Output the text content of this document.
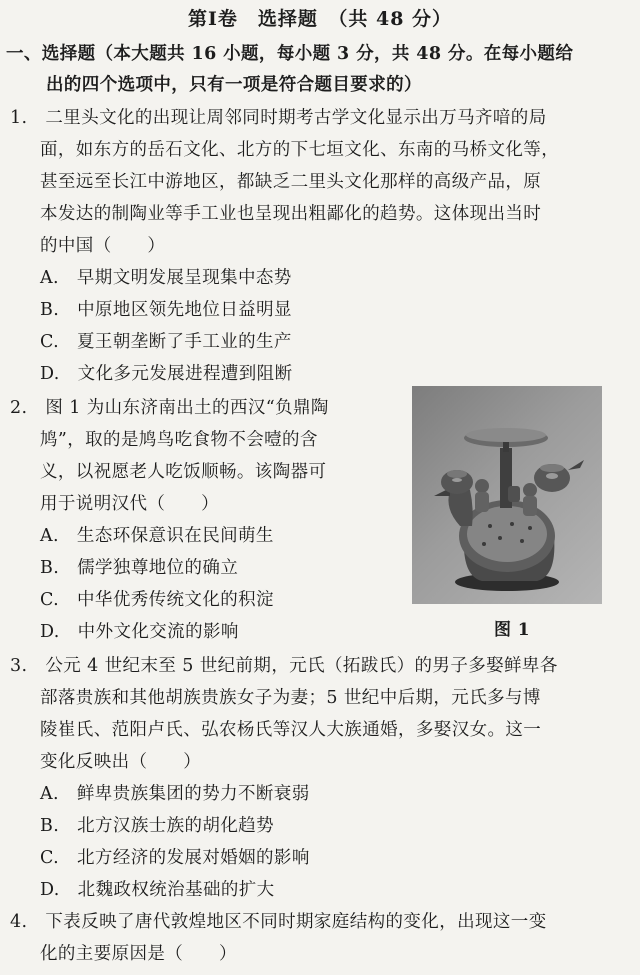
第Ⅰ卷　选择题　（共 48 分）
一、选择题（本大题共 16 小题，每小题 3 分，共 48 分。在每小题给
出的四个选项中，只有一项是符合题目要求的）
1.　二里头文化的出现让周邻同时期考古学文化显示出万马齐喑的局
面，如东方的岳石文化、北方的下七垣文化、东南的马桥文化等，
甚至远至长江中游地区，都缺乏二里头文化那样的高级产品，原
本发达的制陶业等手工业也呈现出粗鄙化的趋势。这体现出当时
的中国（　　）
A.　早期文明发展呈现集中态势
B.　中原地区领先地位日益明显
C.　夏王朝垄断了手工业的生产
D.　文化多元发展进程遭到阻断
2.　图 1 为山东济南出土的西汉“负鼎陶
鸠”，取的是鸠鸟吃食物不会噎的含
义，以祝愿老人吃饭顺畅。该陶器可
用于说明汉代（　　）
A.　生态环保意识在民间萌生
B.　儒学独尊地位的确立
C.　中华优秀传统文化的积淀
D.　中外文化交流的影响	图 1
3.　公元 4 世纪末至 5 世纪前期，元氏（拓跋氏）的男子多娶鲜卑各
部落贵族和其他胡族贵族女子为妻；5 世纪中后期，元氏多与博
陵崔氏、范阳卢氏、弘农杨氏等汉人大族通婚，多娶汉女。这一
变化反映出（　　）
A.　鲜卑贵族集团的势力不断衰弱
B.　北方汉族士族的胡化趋势
C.　北方经济的发展对婚姻的影响
D.　北魏政权统治基础的扩大
4.　下表反映了唐代敦煌地区不同时期家庭结构的变化，出现这一变
化的主要原因是（　　）
